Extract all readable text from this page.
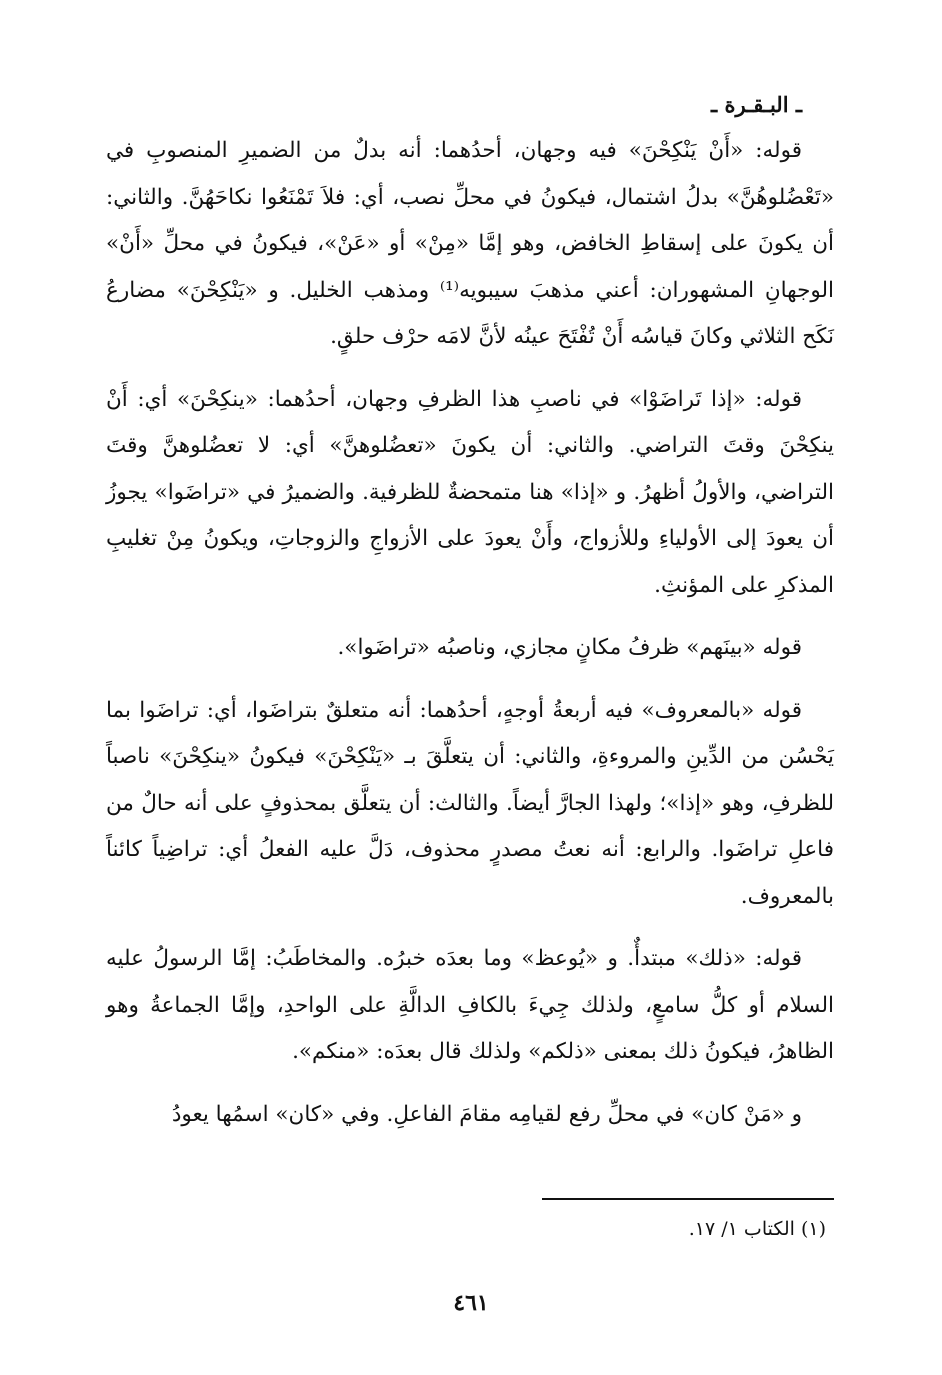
ـ البـقـرة ـ

قوله: «أَنْ يَنْكِحْنَ» فيه وجهان، أحدُهما: أنه بدلٌ من الضميرِ المنصوبِ في «تَعْضُلوهُنَّ» بدلُ اشتمال، فيكونُ في محلِّ نصب، أي: فلاَ تَمْنَعُوا نكاحَهُنَّ. والثاني: أن يكونَ على إسقاطِ الخافض، وهو إمَّا «مِنْ» أو «عَنْ»، فيكونُ في محلِّ «أَنْ» الوجهانِ المشهوران: أعني مذهبَ سيبويه⁽¹⁾ ومذهب الخليل. و «يَنْكِحْنَ» مضارعُ نَكَح الثلاثي وكانَ قياسُه أَنْ تُفْتَحَ عينُه لأنَّ لامَه حرْف حلقٍ.

قوله: «إذا تَراضَوْا» في ناصبِ هذا الظرفِ وجهان، أحدُهما: «ينكِحْنَ» أي: أَنْ ينكِحْنَ وقتَ التراضي. والثاني: أن يكونَ «تعضُلوهنَّ» أي: لا تعضُلوهنَّ وقتَ التراضي، والأولُ أظهرُ. و «إذا» هنا متمحضةٌ للظرفية. والضميرُ في «تراضَوا» يجوزُ أن يعودَ إلى الأولياءِ وللأزواج، وأَنْ يعودَ على الأزواجِ والزوجاتِ، ويكونُ مِنْ تغليبِ المذكرِ على المؤنثِ.

قوله «بينَهم» ظرفُ مكانٍ مجازي، وناصبُه «تراضَوا».

قوله «بالمعروف» فيه أربعةُ أوجهٍ، أحدُهما: أنه متعلقٌ بتراضَوا، أي: تراضَوا بما يَحْسُن من الدِّينِ والمروءةِ، والثاني: أن يتعلَّقَ بـ «يَنْكِحْنَ» فيكونُ «ينكِحْنَ» ناصباً للظرفِ، وهو «إذا»؛ ولهذا الجارَّ أيضاً. والثالث: أن يتعلَّق بمحذوفٍ على أنه حالٌ من فاعلِ تراضَوا. والرابع: أنه نعتُ مصدرٍ محذوف، دَلَّ عليه الفعلُ أي: تراضِياً كائناً بالمعروف.

قوله: «ذلك» مبتدأٌ. و «يُوعظ» وما بعدَه خبرُه. والمخاطَبُ: إمَّا الرسولُ عليه السلام أو كلُّ سامعٍ، ولذلك جِيءَ بالكافِ الدالَّةِ على الواحدِ، وإمَّا الجماعةُ وهو الظاهرُ، فيكونُ ذلك بمعنى «ذلكم» ولذلك قال بعدَه: «منكم».

و «مَنْ كان» في محلِّ رفع لقيامِه مقامَ الفاعلِ. وفي «كان» اسمُها يعودُ

(١) الكتاب ١/ ١٧.
٤٦١
